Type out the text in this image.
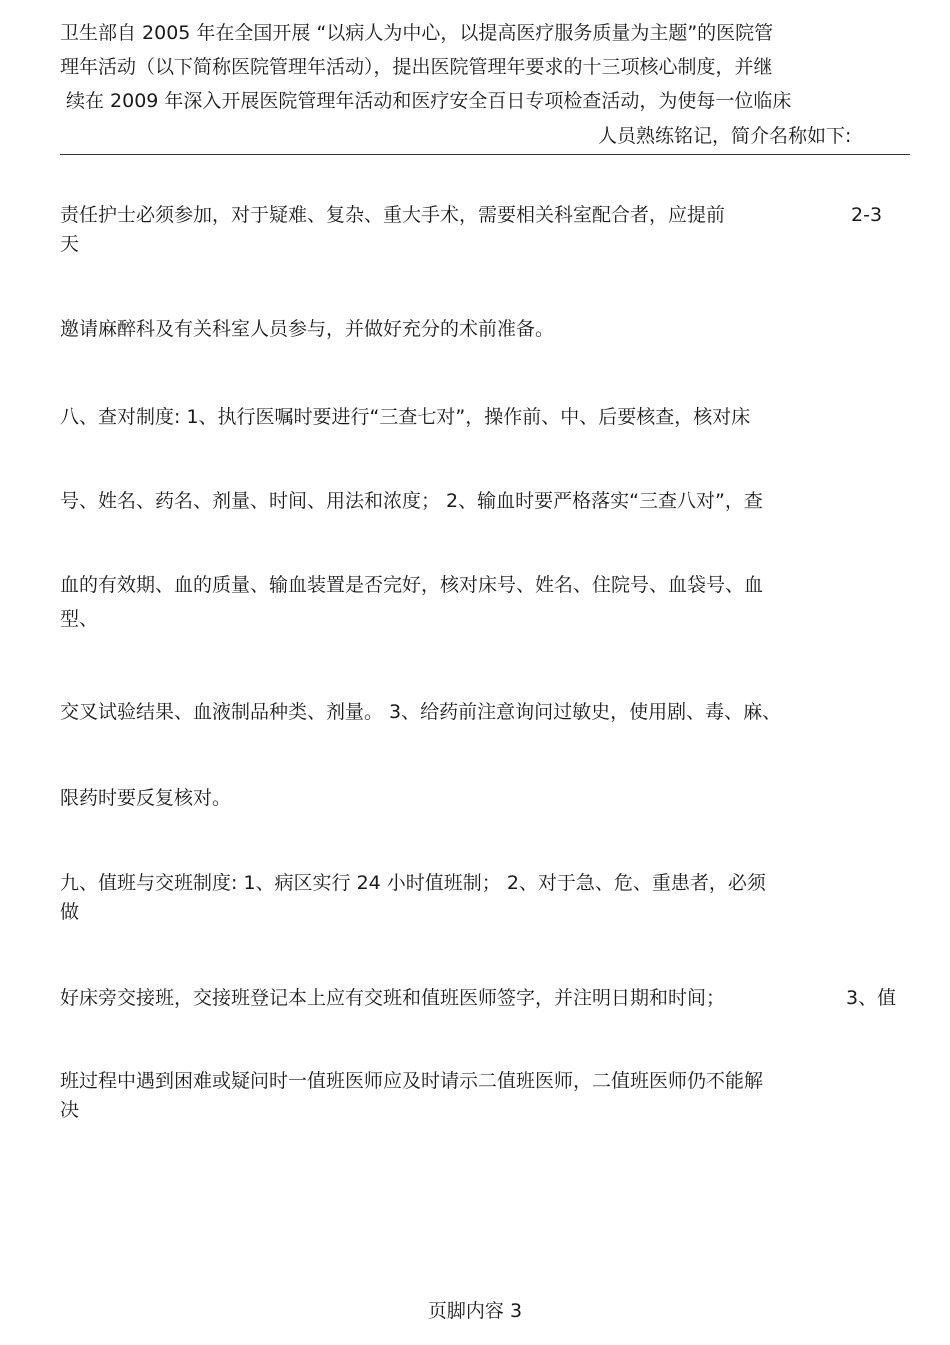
卫生部自 2005 年在全国开展 “以病人为中心，以提高医疗服务质量为主题”的医院管
理年活动（以下简称医院管理年活动），提出医院管理年要求的十三项核心制度，并继
续在 2009 年深入开展医院管理年活动和医疗安全百日专项检查活动，为使每一位临床
人员熟练铭记，简介名称如下:
责任护士必须参加，对于疑难、复杂、重大手术，需要相关科室配合者，应提前	2-3
天
邀请麻醉科及有关科室人员参与，并做好充分的术前准备。
八、查对制度: 1、执行医嘱时要进行“三查七对”，操作前、中、后要核查，核对床
号、姓名、药名、剂量、时间、用法和浓度； 2、输血时要严格落实“三查八对”，查
血的有效期、血的质量、输血装置是否完好，核对床号、姓名、住院号、血袋号、血
型、
交叉试验结果、血液制品种类、剂量。 3、给药前注意询问过敏史，使用剧、毒、麻、
限药时要反复核对。
九、值班与交班制度: 1、病区实行 24 小时值班制； 2、对于急、危、重患者，必须
做
好床旁交接班，交接班登记本上应有交班和值班医师签字，并注明日期和时间；	3、值
班过程中遇到困难或疑问时一值班医师应及时请示二值班医师，二值班医师仍不能解
决
页脚内容 3
